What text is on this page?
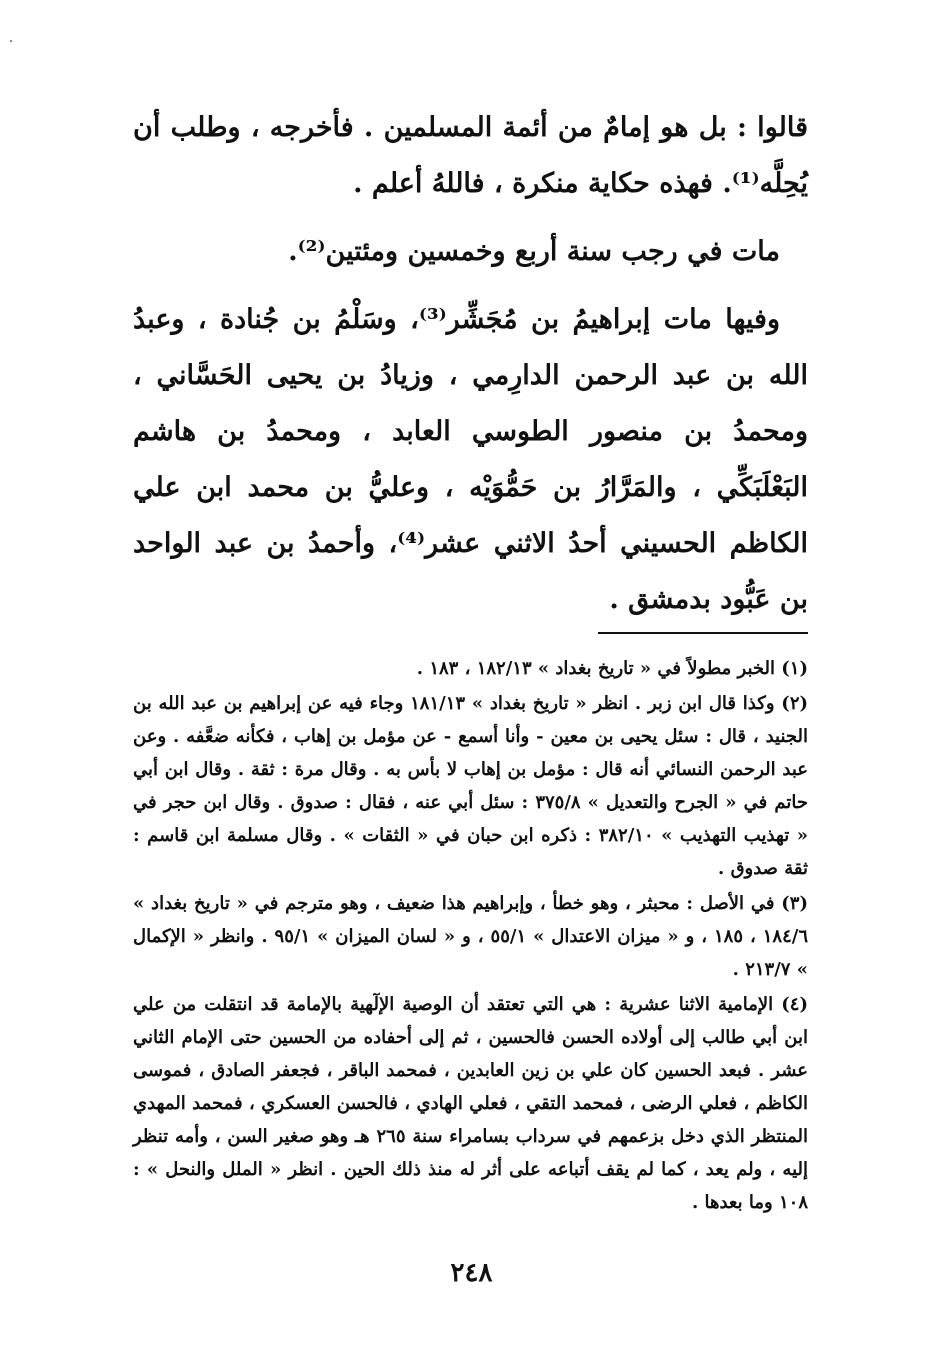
قالوا : بل هو إمامٌ من أئمة المسلمين . فأخرجه ، وطلب أن يُحِلَّه⁽¹⁾. فهذه حكاية منكرة ، فاللهُ أعلم .

مات في رجب سنة أربع وخمسين ومئتين⁽²⁾.

وفيها مات إبراهيمُ بن مُجَشِّر⁽³⁾، وسَلْمُ بن جُنادة ، وعبدُ الله بن عبد الرحمن الدارِمي ، وزيادُ بن يحيى الحَسَّاني ، ومحمدُ بن منصور الطوسي العابد ، ومحمدُ بن هاشم البَعْلَبَكِّي ، والمَرَّارُ بن حَمُّوَيْه ، وعليُّ بن محمد ابن علي الكاظم الحسيني أحدُ الاثني عشر⁽⁴⁾، وأحمدُ بن عبد الواحد بن عَبُّود بدمشق .

(١) الخبر مطولاً في « تاريخ بغداد » ١٨٢/١٣ ، ١٨٣ .

(٢) وكذا قال ابن زبر . انظر « تاريخ بغداد » ١٨١/١٣ وجاء فيه عن إبراهيم بن عبد الله بن الجنيد ، قال : سئل يحيى بن معين - وأنا أسمع - عن مؤمل بن إهاب ، فكأنه ضعَّفه . وعن عبد الرحمن النسائي أنه قال : مؤمل بن إهاب لا بأس به . وقال مرة : ثقة . وقال ابن أبي حاتم في « الجرح والتعديل » ٣٧٥/٨ : سئل أبي عنه ، فقال : صدوق . وقال ابن حجر في « تهذيب التهذيب » ٣٨٢/١٠ : ذكره ابن حبان في « الثقات » . وقال مسلمة ابن قاسم : ثقة صدوق .

(٣) في الأصل : محبثر ، وهو خطأ ، وإبراهيم هذا ضعيف ، وهو مترجم في « تاريخ بغداد » ١٨٤/٦ ، ١٨٥ ، و « ميزان الاعتدال » ٥٥/١ ، و « لسان الميزان » ٩٥/١ . وانظر « الإكمال » ٢١٣/٧ .

(٤) الإمامية الاثنا عشرية : هي التي تعتقد أن الوصية الإلٓهية بالإمامة قد انتقلت من علي ابن أبي طالب إلى أولاده الحسن فالحسين ، ثم إلى أحفاده من الحسين حتى الإمام الثاني عشر . فبعد الحسين كان علي بن زين العابدين ، فمحمد الباقر ، فجعفر الصادق ، فموسى الكاظم ، فعلي الرضى ، فمحمد التقي ، فعلي الهادي ، فالحسن العسكري ، فمحمد المهدي المنتظر الذي دخل بزعمهم في سرداب بسامراء سنة ٢٦٥ هـ وهو صغير السن ، وأمه تنظر إليه ، ولم يعد ، كما لم يقف أتباعه على أثر له منذ ذلك الحين . انظر « الملل والنحل » : ١٠٨ وما بعدها .

٢٤٨
